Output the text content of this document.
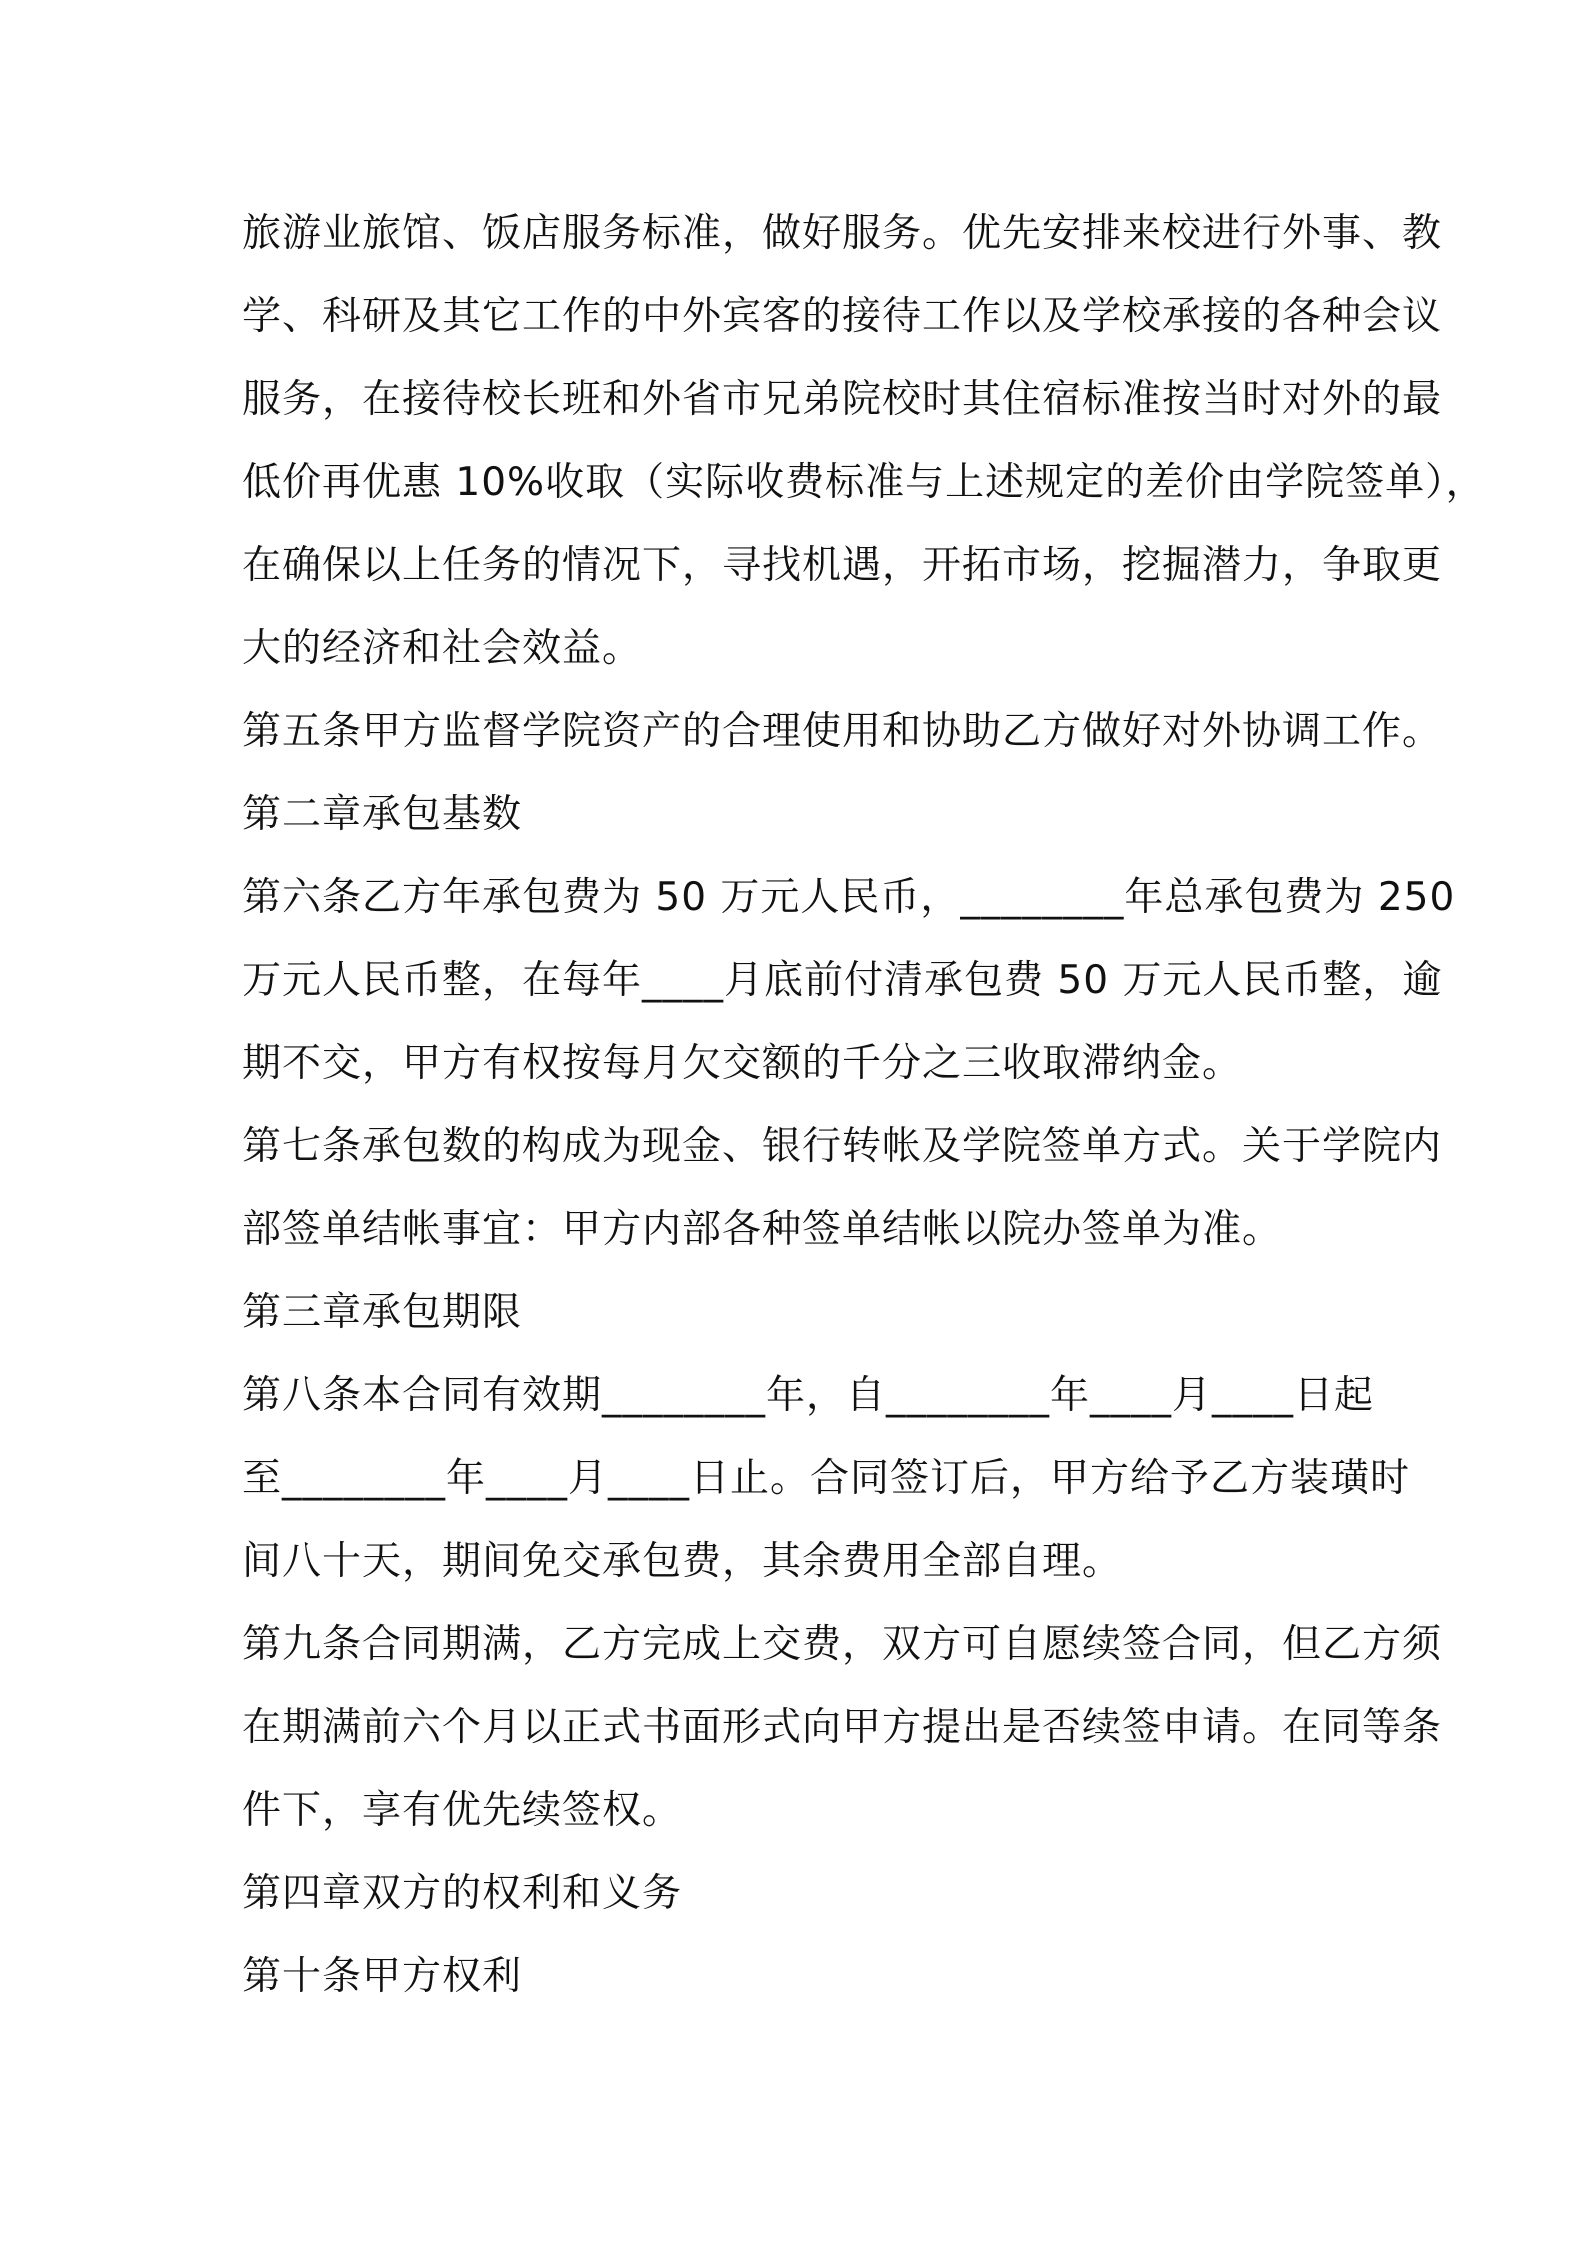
旅游业旅馆、饭店服务标准，做好服务。优先安排来校进行外事、教
学、科研及其它工作的中外宾客的接待工作以及学校承接的各种会议
服务，在接待校长班和外省市兄弟院校时其住宿标准按当时对外的最
低价再优惠 10%收取（实际收费标准与上述规定的差价由学院签单），
在确保以上任务的情况下，寻找机遇，开拓市场，挖掘潜力，争取更
大的经济和社会效益。

第五条甲方监督学院资产的合理使用和协助乙方做好对外协调工作。

第二章承包基数

第六条乙方年承包费为 50 万元人民币，________年总承包费为 250
万元人民币整，在每年____月底前付清承包费 50 万元人民币整，逾
期不交，甲方有权按每月欠交额的千分之三收取滞纳金。

第七条承包数的构成为现金、银行转帐及学院签单方式。关于学院内
部签单结帐事宜：甲方内部各种签单结帐以院办签单为准。

第三章承包期限

第八条本合同有效期________年，自________年____月____日起
至________年____月____日止。合同签订后，甲方给予乙方装璜时
间八十天，期间免交承包费，其余费用全部自理。

第九条合同期满，乙方完成上交费，双方可自愿续签合同，但乙方须
在期满前六个月以正式书面形式向甲方提出是否续签申请。在同等条
件下，享有优先续签权。

第四章双方的权利和义务

第十条甲方权利
